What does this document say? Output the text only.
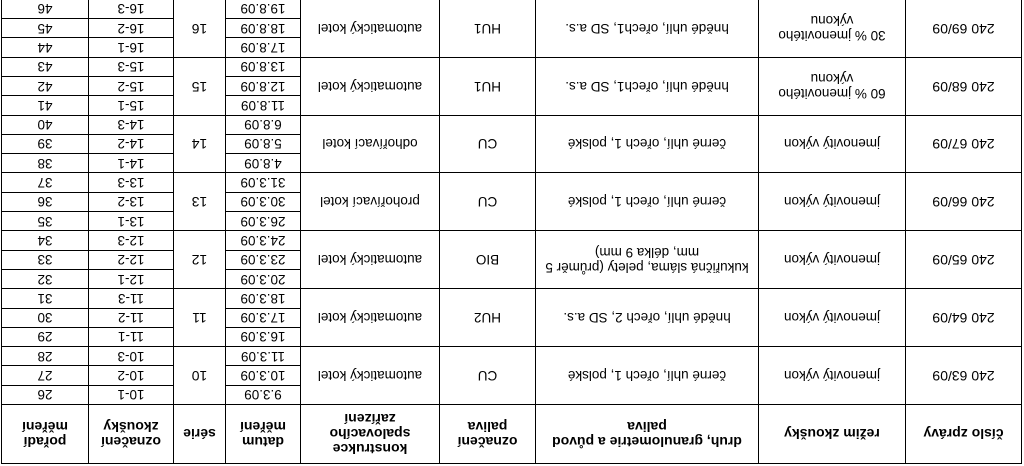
číslo zprávy	režim zkoušky	druh, granulometrie a původ paliva	označení paliva	konstrukce spalovacího zařízení	datum měření	série	označení zkoušky	pořadí měření
240 63/09	jmenovitý výkon	černé uhlí, ořech 1, polské	CU	automatický kotel	9.3.09	10	10-1	26
					10.3.09		10-2	27
					11.3.09		10-3	28
240 64/09	jmenovitý výkon	hnědé uhlí, ořech 2, SD a.s.	HU2	automatický kotel	16.3.09	11	11-1	29
					17.3.09		11-2	30
					18.3.09		11-3	31
240 65/09	jmenovitý výkon	kukuřičná sláma, pelety (průměr 5 mm, délka 9 mm)	BIO	automatický kotel	20.3.09	12	12-1	32
					23.3.09		12-2	33
					24.3.09		12-3	34
240 66/09	jmenovitý výkon	černé uhlí, ořech 1, polské	CU	prohořívací kotel	26.3.09	13	13-1	35
					30.3.09		13-2	36
					31.3.09		13-3	37
240 67/09	jmenovitý výkon	černé uhlí, ořech 1, polské	CU	odhořívací kotel	4.8.09	14	14-1	38
					5.8.09		14-2	39
					6.8.09		14-3	40
240 68/09	60 % jmenovitého výkonu	hnědé uhlí, ořech1, SD a.s.	HU1	automatický kotel	11.8.09	15	15-1	41
					12.8.09		15-2	42
					13.8.09		15-3	43
240 69/09	30 % jmenovitého výkonu	hnědé uhlí, ořech1, SD a.s.	HU1	automatický kotel	17.8.09	16	16-1	44
					18.8.09		16-2	45
					19.8.09		16-3	46
